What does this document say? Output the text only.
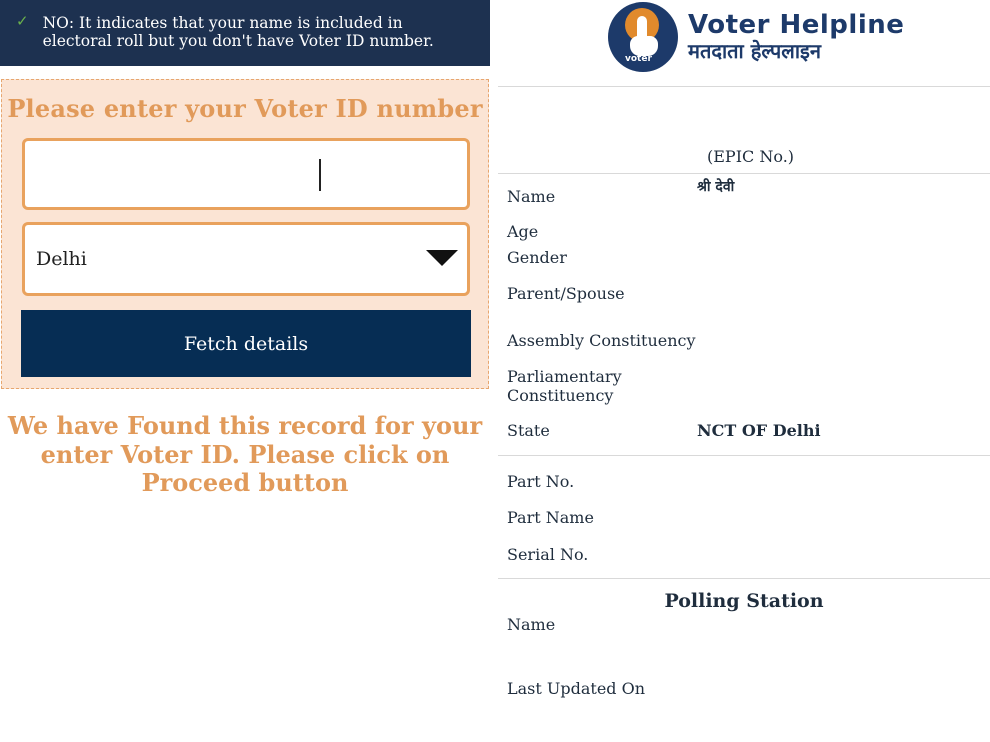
✓ NO: It indicates that your name is included in electoral roll but you don't have Voter ID number.
Please enter your Voter ID number
Delhi
Fetch details
We have Found this record for your enter Voter ID. Please click on Proceed button
voter
Voter Helpline
मतदाता हेल्पलाइन
(EPIC No.)
Name	श्री देवी
Age
Gender
Parent/Spouse
Assembly Constituency
Parliamentary
Constituency
State	NCT OF Delhi
Part No.
Part Name
Serial No.
Polling Station
Name
Last Updated On
